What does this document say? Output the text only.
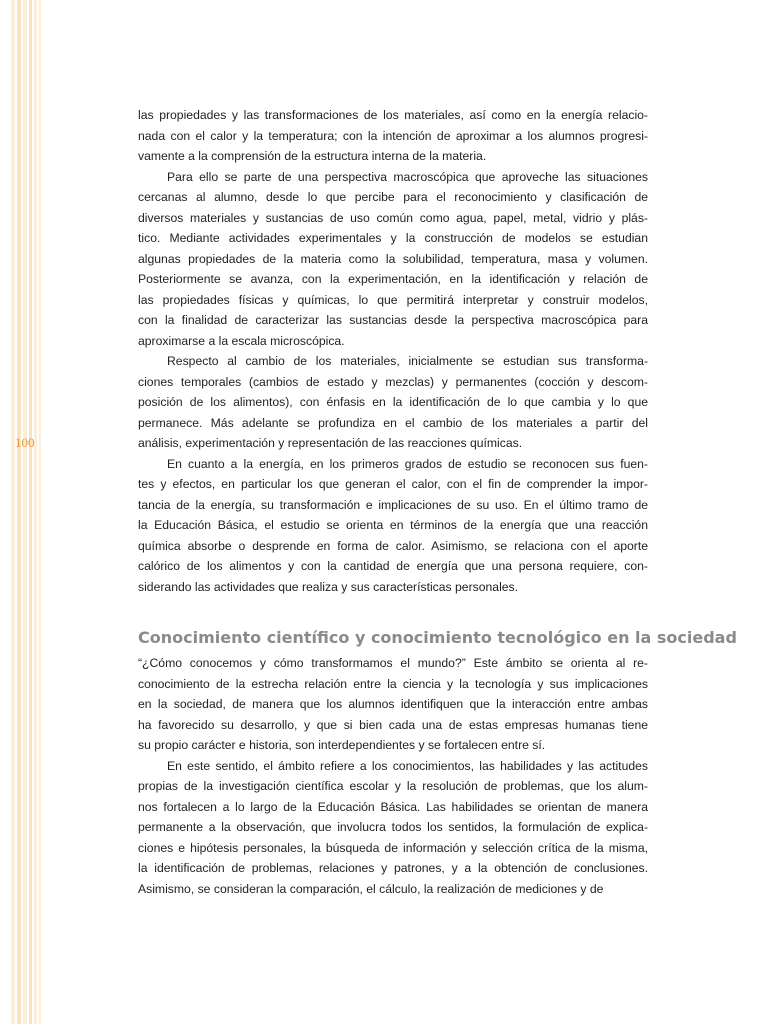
100
las propiedades y las transformaciones de los materiales, así como en la energía relacio-
nada con el calor y la temperatura; con la intención de aproximar a los alumnos progresi-
vamente a la comprensión de la estructura interna de la materia.
Para ello se parte de una perspectiva macroscópica que aproveche las situaciones
cercanas al alumno, desde lo que percibe para el reconocimiento y clasificación de
diversos materiales y sustancias de uso común como agua, papel, metal, vidrio y plás-
tico. Mediante actividades experimentales y la construcción de modelos se estudian
algunas propiedades de la materia como la solubilidad, temperatura, masa y volumen.
Posteriormente se avanza, con la experimentación, en la identificación y relación de
las propiedades físicas y químicas, lo que permitirá interpretar y construir modelos,
con la finalidad de caracterizar las sustancias desde la perspectiva macroscópica para
aproximarse a la escala microscópica.
Respecto al cambio de los materiales, inicialmente se estudian sus transforma-
ciones temporales (cambios de estado y mezclas) y permanentes (cocción y descom-
posición de los alimentos), con énfasis en la identificación de lo que cambia y lo que
permanece. Más adelante se profundiza en el cambio de los materiales a partir del
análisis, experimentación y representación de las reacciones químicas.
En cuanto a la energía, en los primeros grados de estudio se reconocen sus fuen-
tes y efectos, en particular los que generan el calor, con el fin de comprender la impor-
tancia de la energía, su transformación e implicaciones de su uso. En el último tramo de
la Educación Básica, el estudio se orienta en términos de la energía que una reacción
química absorbe o desprende en forma de calor. Asimismo, se relaciona con el aporte
calórico de los alimentos y con la cantidad de energía que una persona requiere, con-
siderando las actividades que realiza y sus características personales.
Conocimiento científico y conocimiento tecnológico en la sociedad
“¿Cómo conocemos y cómo transformamos el mundo?” Este ámbito se orienta al re-
conocimiento de la estrecha relación entre la ciencia y la tecnología y sus implicaciones
en la sociedad, de manera que los alumnos identifiquen que la interacción entre ambas
ha favorecido su desarrollo, y que si bien cada una de estas empresas humanas tiene
su propio carácter e historia, son interdependientes y se fortalecen entre sí.
En este sentido, el ámbito refiere a los conocimientos, las habilidades y las actitudes
propias de la investigación científica escolar y la resolución de problemas, que los alum-
nos fortalecen a lo largo de la Educación Básica. Las habilidades se orientan de manera
permanente a la observación, que involucra todos los sentidos, la formulación de explica-
ciones e hipótesis personales, la búsqueda de información y selección crítica de la misma,
la identificación de problemas, relaciones y patrones, y a la obtención de conclusiones.
Asimismo, se consideran la comparación, el cálculo, la realización de mediciones y de
